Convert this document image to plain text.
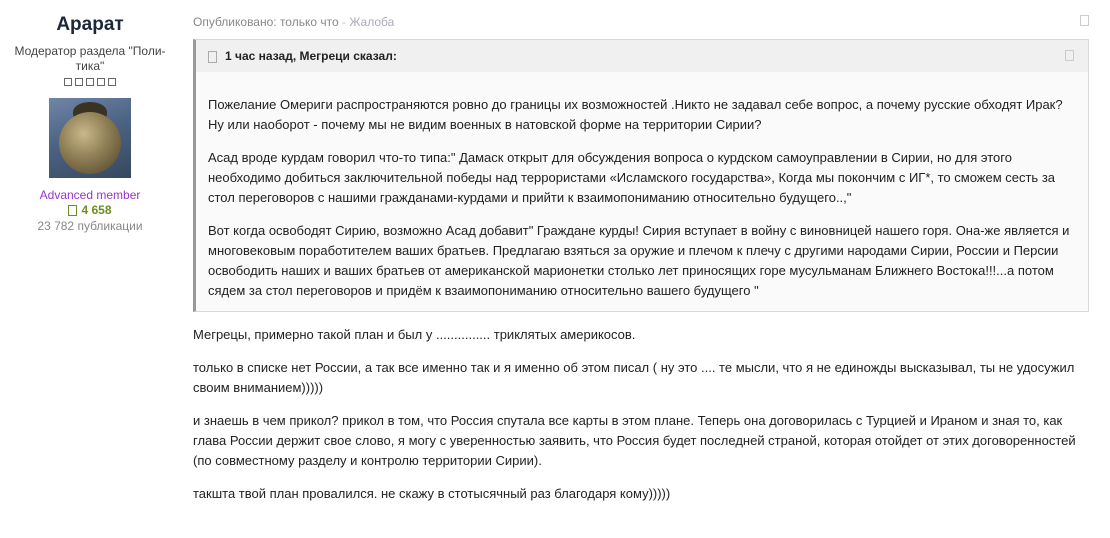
Арарат
Модератор раздела "Поли-
тика"
Advanced member
4 658
23 782 публикации
Опубликовано: только что - Жалоба
1 час назад, Мегреци сказал:

Пожелание Омериги распространяются ровно до границы их возможностей .Никто не задавал себе вопрос, а почему русские обходят Ирак? Ну или наоборот - почему мы не видим военных в натовской форме на территории Сирии?

Асад вроде курдам говорил что-то типа:" Дамаск открыт для обсуждения вопроса о курдском самоуправлении в Сирии, но для этого необходимо добиться заключительной победы над террористами «Исламского государства», Когда мы покончим с ИГ*, то сможем сесть за стол переговоров с нашими гражданами-курдами и прийти к взаимопониманию относительно будущего..,"

Вот когда освободят Сирию, возможно Асад добавит" Граждане курды! Сирия вступает в войну с виновницей нашего горя. Она-же является и многовековым поработителем ваших братьев. Предлагаю взяться за оружие и плечом к плечу с другими народами Сирии, России и Персии освободить наших и ваших братьев от американской марионетки столько лет приносящих горе мусульманам Ближнего Востока!!!...а потом сядем за стол переговоров и придём к взаимопониманию относительно вашего будущего "

Мегрецы, примерно такой план и был у ............... триклятых америкосов.

только в списке нет России, а так все именно так и я именно об этом писал ( ну это .... те мысли, что я не единожды высказывал, ты не удосужил своим вниманием)))))

и знаешь в чем прикол? прикол в том, что Россия спутала все карты в этом плане. Теперь она договорилась с Турцией и Ираном и зная то, как глава России держит свое слово, я могу с уверенностью заявить, что Россия будет последней страной, которая отойдет от этих договоренностей (по совместному разделу и контролю территории Сирии).

такшта твой план провалился. не скажу в стотысячный раз благодаря кому)))))
